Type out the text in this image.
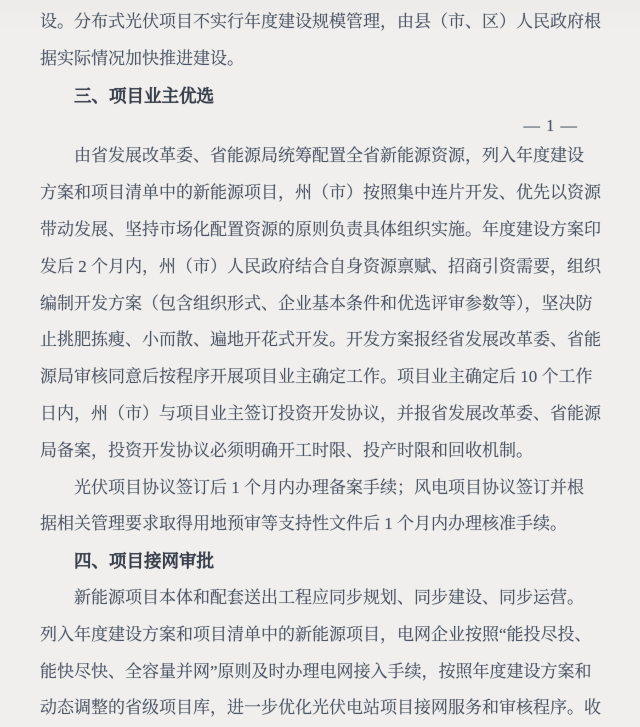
设。分布式光伏项目不实行年度建设规模管理，由县（市、区）人民政府根
据实际情况加快推进建设。
三、项目业主优选
— 1 —
由省发展改革委、省能源局统筹配置全省新能源资源，列入年度建设
方案和项目清单中的新能源项目，州（市）按照集中连片开发、优先以资源
带动发展、坚持市场化配置资源的原则负责具体组织实施。年度建设方案印
发后 2 个月内，州（市）人民政府结合自身资源禀赋、招商引资需要，组织
编制开发方案（包含组织形式、企业基本条件和优选评审参数等），坚决防
止挑肥拣瘦、小而散、遍地开花式开发。开发方案报经省发展改革委、省能
源局审核同意后按程序开展项目业主确定工作。项目业主确定后 10 个工作
日内，州（市）与项目业主签订投资开发协议，并报省发展改革委、省能源
局备案，投资开发协议必须明确开工时限、投产时限和回收机制。
光伏项目协议签订后 1 个月内办理备案手续；风电项目协议签订并根
据相关管理要求取得用地预审等支持性文件后 1 个月内办理核准手续。
四、项目接网审批
新能源项目本体和配套送出工程应同步规划、同步建设、同步运营。
列入年度建设方案和项目清单中的新能源项目，电网企业按照“能投尽投、
能快尽快、全容量并网”原则及时办理电网接入手续，按照年度建设方案和
动态调整的省级项目库，进一步优化光伏电站项目接网服务和审核程序。收
